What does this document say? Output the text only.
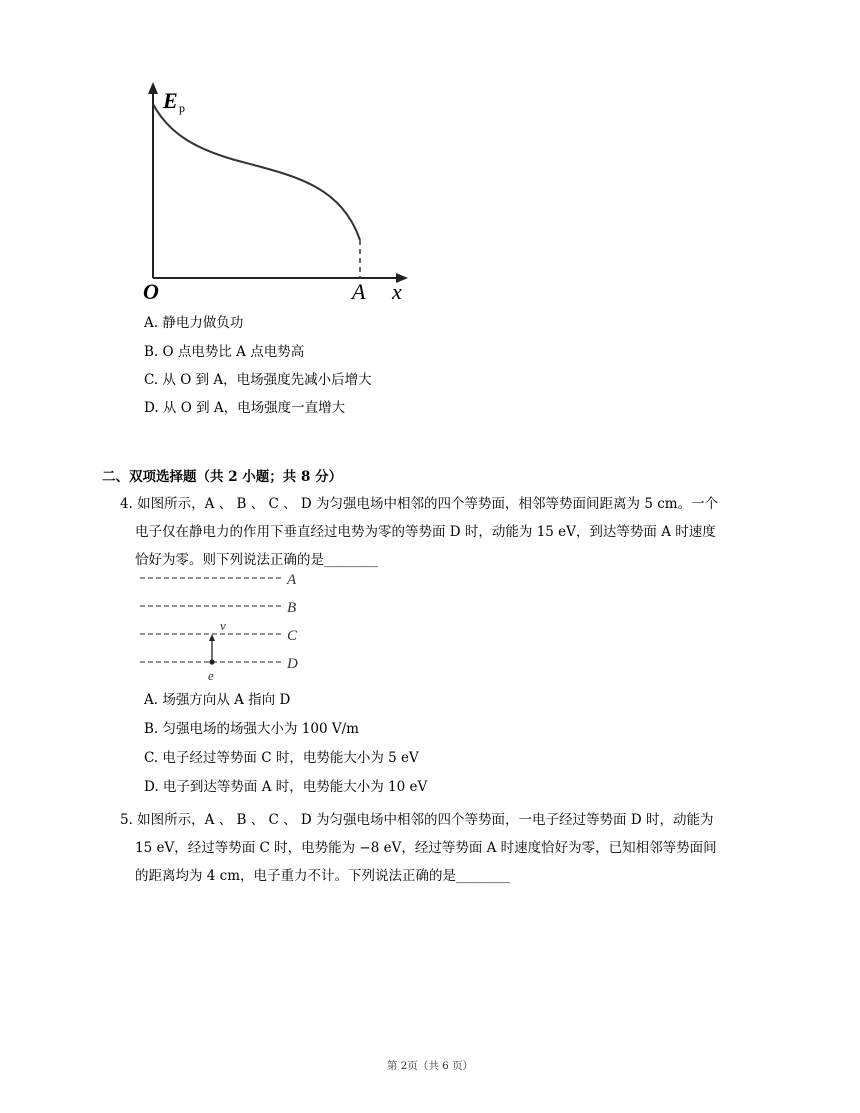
E p
O	A x
A. 静电力做负功
B. O 点电势比 A 点电势高
C. 从 O 到 A，电场强度先减小后增大
D. 从 O 到 A，电场强度一直增大
二、双项选择题（共 2 小题；共 8 分）
4. 如图所示，A 、 B 、 C 、 D 为匀强电场中相邻的四个等势面，相邻等势面间距离为 5 cm。一个
电子仅在静电力的作用下垂直经过电势为零的等势面 D 时，动能为 15 eV，到达等势面 A 时速度
恰好为零。则下列说法正确的是________
A
B
C
D
v
e
A. 场强方向从 A 指向 D
B. 匀强电场的场强大小为 100 V/m
C. 电子经过等势面 C 时，电势能大小为 5 eV
D. 电子到达等势面 A 时，电势能大小为 10 eV
5. 如图所示，A 、 B 、 C 、 D 为匀强电场中相邻的四个等势面，一电子经过等势面 D 时，动能为
15 eV，经过等势面 C 时，电势能为 −8 eV，经过等势面 A 时速度恰好为零，已知相邻等势面间
的距离均为 4 cm，电子重力不计。下列说法正确的是________
第 2页（共 6 页）
